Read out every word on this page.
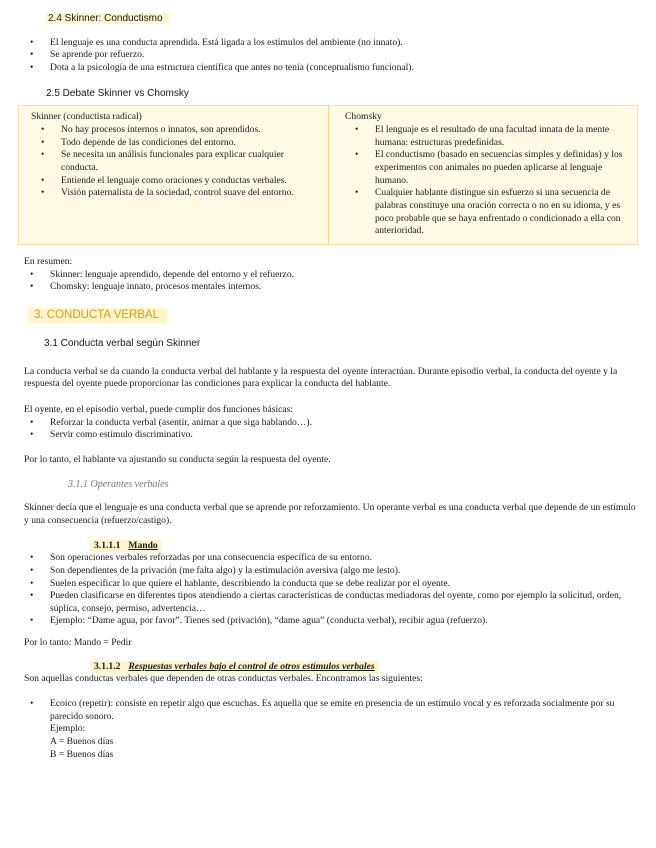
2.4 Skinner: Conductismo
• El lenguaje es una conducta aprendida. Está ligada a los estímulos del ambiente (no innato).
• Se aprende por refuerzo.
• Dota a la psicología de una estructura científica que antes no tenía (conceptualismo funcional).
2.5 Debate Skinner vs Chomsky
Skinner (conductista radical)
• No hay procesos internos o innatos, son aprendidos.
• Todo depende de las condiciones del entorno.
• Se necesita un análisis funcionales para explicar cualquier conducta.
• Entiende el lenguaje como oraciones y conductas verbales.
• Visión paternalista de la sociedad, control suave del entorno.
Chomsky
• El lenguaje es el resultado de una facultad innata de la mente humana: estructuras predefinidas.
• El conductismo (basado en secuencias simples y definidas) y los experimentos con animales no pueden aplicarse al lenguaje humano.
• Cualquier hablante distingue sin esfuerzo si una secuencia de palabras constituye una oración correcta o no en su idioma, y es poco probable que se haya enfrentado o condicionado a ella con anterioridad.

En resumen:

• Skinner: lenguaje aprendido, depende del entorno y el refuerzo.
• Chomsky: lenguaje innato, procesos mentales internos.
3. CONDUCTA VERBAL
3.1 Conducta verbal según Skinner

La conducta verbal se da cuando la conducta verbal del hablante y la respuesta del oyente interactúan. Durante episodio verbal, la conducta del oyente y la respuesta del oyente puede proporcionar las condiciones para explicar la conducta del hablante.

El oyente, en el episodio verbal, puede cumplir dos funciones básicas:

• Reforzar la conducta verbal (asentir, animar a que siga hablando…).
• Servir como estímulo discriminativo.

Por lo tanto, el hablante va ajustando su conducta según la respuesta del oyente.

3.1.1 Operantes verbales

Skinner decía que el lenguaje es una conducta verbal que se aprende por reforzamiento. Un operante verbal es una conducta verbal que depende de un estímulo y una consecuencia (refuerzo/castigo).

3.1.1.1 Mando
• Son operaciones verbales reforzadas por una consecuencia específica de su entorno.
• Son dependientes de la privación (me falta algo) y la estimulación aversiva (algo me lesto).
• Suelen especificar lo que quiere el hablante, describiendo la conducta que se debe realizar por el oyente.
• Pueden clasificarse en diferentes tipos atendiendo a ciertas características de conductas mediadoras del oyente, como por ejemplo la solicitud, orden, súplica, consejo, permiso, advertencia…
• Ejemplo: “Dame agua, por favor”. Tienes sed (privación), “dame agua” (conducta verbal), recibir agua (refuerzo).

Por lo tanto: Mando = Pedir

3.1.1.2 Respuestas verbales bajo el control de otros estímulos verbales

Son aquellas conductas verbales que dependen de otras conductas verbales. Encontramos las siguientes:

• Ecoico (repetir): consiste en repetir algo que escuchas. Es aquella que se emite en presencia de un estímulo vocal y es reforzada socialmente por su parecido sonoro.
Ejemplo:
A = Buenos días
B = Buenos días
